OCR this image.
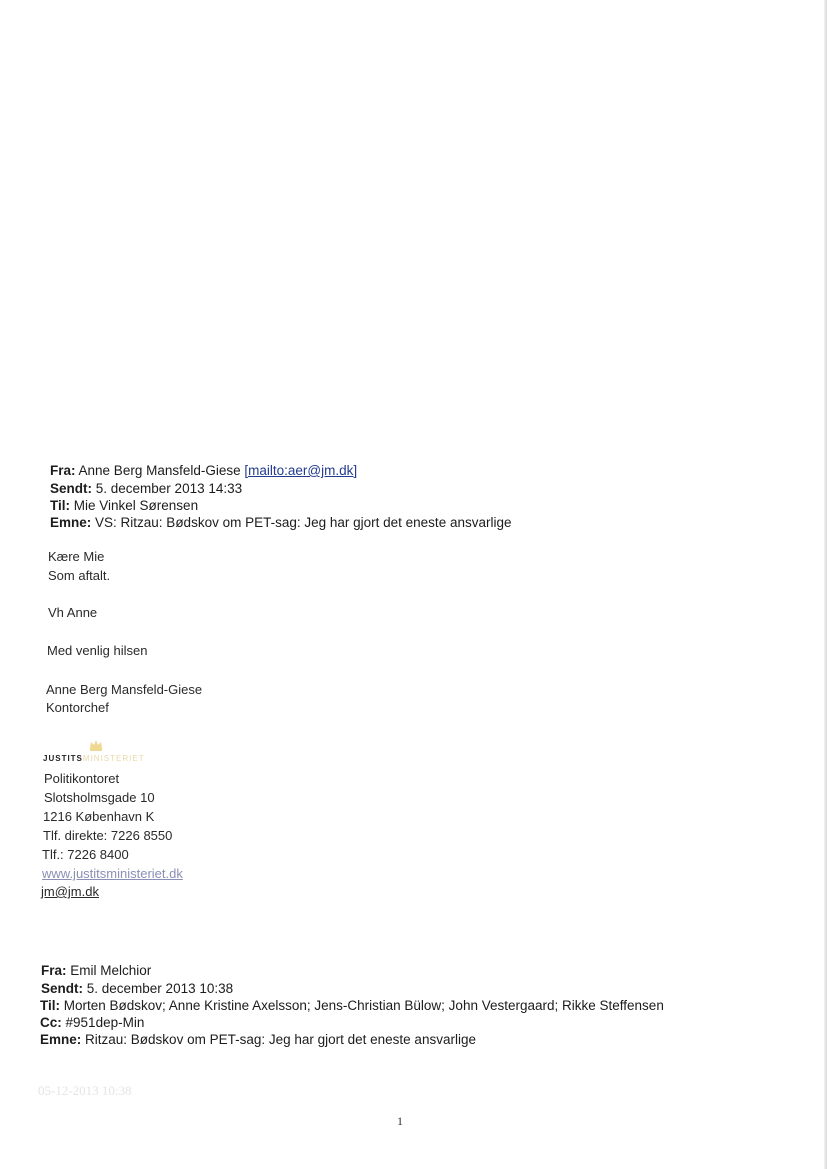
Fra: Anne Berg Mansfeld-Giese [mailto:aer@jm.dk]
Sendt: 5. december 2013 14:33
Til: Mie Vinkel Sørensen
Emne: VS: Ritzau: Bødskov om PET-sag: Jeg har gjort det eneste ansvarlige
Kære Mie
Som aftalt.
Vh Anne
Med venlig hilsen
Anne Berg Mansfeld-Giese
Kontorchef
JUSTITSMINISTERIET
Politikontoret
Slotsholmsgade 10
1216 København K
Tlf. direkte: 7226 8550
Tlf.: 7226 8400
www.justitsministeriet.dk
jm@jm.dk
Fra: Emil Melchior
Sendt: 5. december 2013 10:38
Til: Morten Bødskov; Anne Kristine Axelsson; Jens-Christian Bülow; John Vestergaard; Rikke Steffensen
Cc: #951dep-Min
Emne: Ritzau: Bødskov om PET-sag: Jeg har gjort det eneste ansvarlige
05-12-2013 10:38
1
